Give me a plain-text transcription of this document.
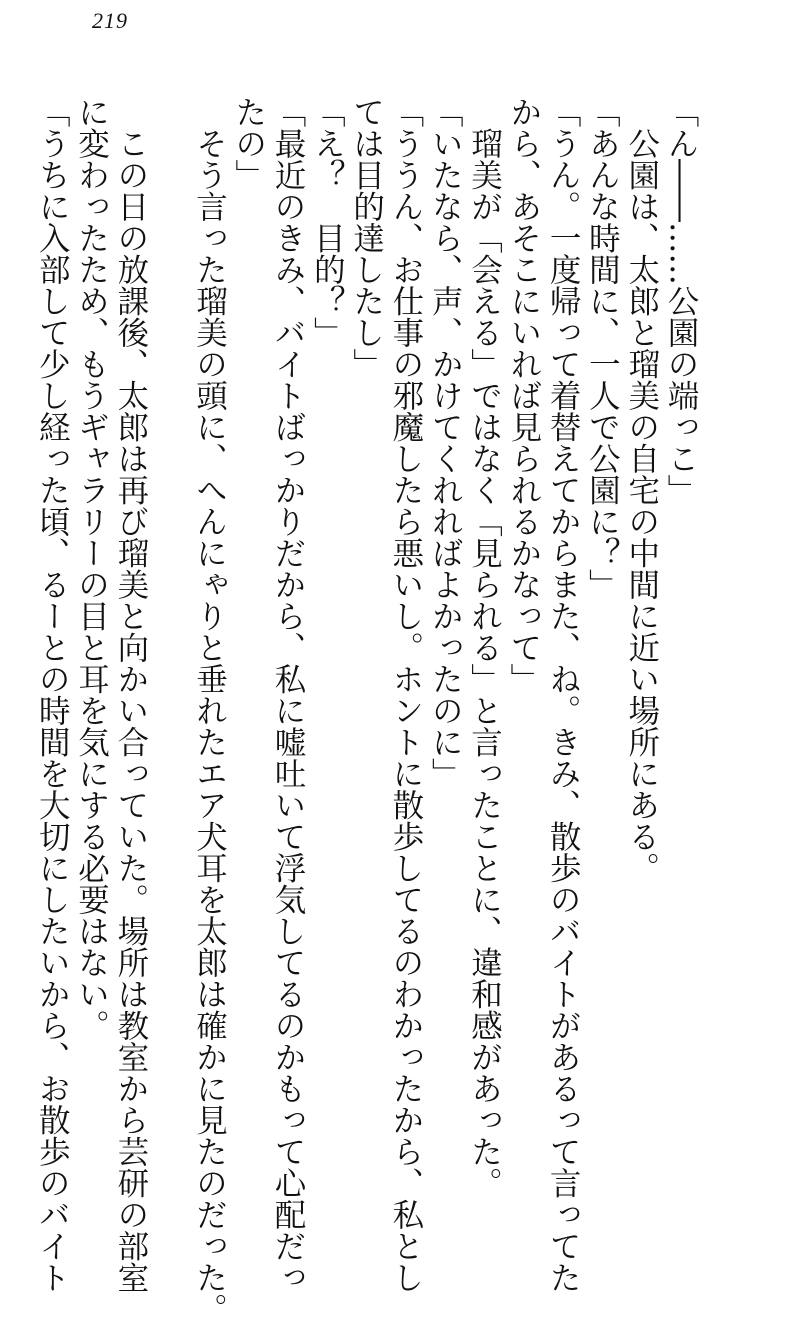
219
「ん――……公園の端っこ」
　公園は、太郎と瑠美の自宅の中間に近い場所にある。
「あんな時間に、一人で公園に？」
「うん。一度帰って着替えてからまた、ね。きみ、散歩のバイトがあるって言ってた
から、あそこにいれば見られるかなって」
　瑠美が「会える」ではなく「見られる」と言ったことに、違和感があった。
「いたなら、声、かけてくれればよかったのに」
「ううん、お仕事の邪魔したら悪いし。ホントに散歩してるのわかったから、私とし
ては目的達したし」
「え？　目的？」
「最近のきみ、バイトばっかりだから、私に嘘吐いて浮気してるのかもって心配だっ
たの」
　そう言った瑠美の頭に、へんにゃりと垂れたエア犬耳を太郎は確かに見たのだった。
　この日の放課後、太郎は再び瑠美と向かい合っていた。場所は教室から芸研の部室
に変わったため、もうギャラリーの目と耳を気にする必要はない。
「うちに入部して少し経った頃、るーとの時間を大切にしたいから、お散歩のバイト
